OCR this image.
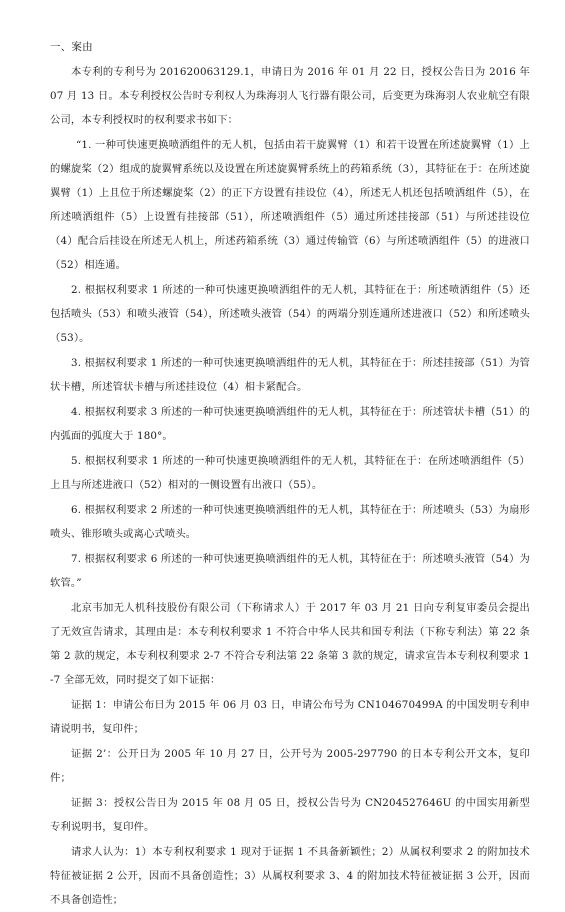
一、案由

本专利的专利号为 201620063129.1，申请日为 2016 年 01 月 22 日，授权公告日为 2016 年 07 月 13 日。本专利授权公告时专利权人为珠海羽人飞行器有限公司，后变更为珠海羽人农业航空有限公司，本专利授权时的权利要求书如下：

“1. 一种可快速更换喷洒组件的无人机，包括由若干旋翼臂（1）和若干设置在所述旋翼臂（1）上的螺旋桨（2）组成的旋翼臂系统以及设置在所述旋翼臂系统上的药箱系统（3），其特征在于：在所述旋翼臂（1）上且位于所述螺旋桨（2）的正下方设置有挂设位（4），所述无人机还包括喷洒组件（5），在所述喷洒组件（5）上设置有挂接部（51），所述喷洒组件（5）通过所述挂接部（51）与所述挂设位（4）配合后挂设在所述无人机上，所述药箱系统（3）通过传输管（6）与所述喷洒组件（5）的进液口（52）相连通。

2. 根据权利要求 1 所述的一种可快速更换喷洒组件的无人机，其特征在于：所述喷洒组件（5）还包括喷头（53）和喷头液管（54），所述喷头液管（54）的两端分别连通所述进液口（52）和所述喷头（53）。

3. 根据权利要求 1 所述的一种可快速更换喷洒组件的无人机，其特征在于：所述挂接部（51）为管状卡槽，所述管状卡槽与所述挂设位（4）相卡紧配合。

4. 根据权利要求 3 所述的一种可快速更换喷洒组件的无人机，其特征在于：所述管状卡槽（51）的内弧面的弧度大于 180°。

5. 根据权利要求 1 所述的一种可快速更换喷洒组件的无人机，其特征在于：在所述喷洒组件（5）上且与所述进液口（52）相对的一侧设置有出液口（55）。

6. 根据权利要求 2 所述的一种可快速更换喷洒组件的无人机，其特征在于：所述喷头（53）为扇形喷头、锥形喷头或离心式喷头。

7. 根据权利要求 6 所述的一种可快速更换喷洒组件的无人机，其特征在于：所述喷头液管（54）为软管。”

北京韦加无人机科技股份有限公司（下称请求人）于 2017 年 03 月 21 日向专利复审委员会提出了无效宣告请求，其理由是：本专利权利要求 1 不符合中华人民共和国专利法（下称专利法）第 22 条第 2 款的规定，本专利权利要求 2-7 不符合专利法第 22 条第 3 款的规定，请求宣告本专利权利要求 1-7 全部无效，同时提交了如下证据：

证据 1：申请公布日为 2015 年 06 月 03 日，申请公布号为 CN104670499A 的中国发明专利申请说明书，复印件；

证据 2’：公开日为 2005 年 10 月 27 日，公开号为 2005-297790 的日本专利公开文本，复印件；

证据 3：授权公告日为 2015 年 08 月 05 日，授权公告号为 CN204527646U 的中国实用新型专利说明书，复印件。

请求人认为：1）本专利权利要求 1 现对于证据 1 不具备新颖性；2）从属权利要求 2 的附加技术特征被证据 2 公开，因而不具备创造性；3）从属权利要求 3、4 的附加技术特征被证据 3 公开，因而不具备创造性；
